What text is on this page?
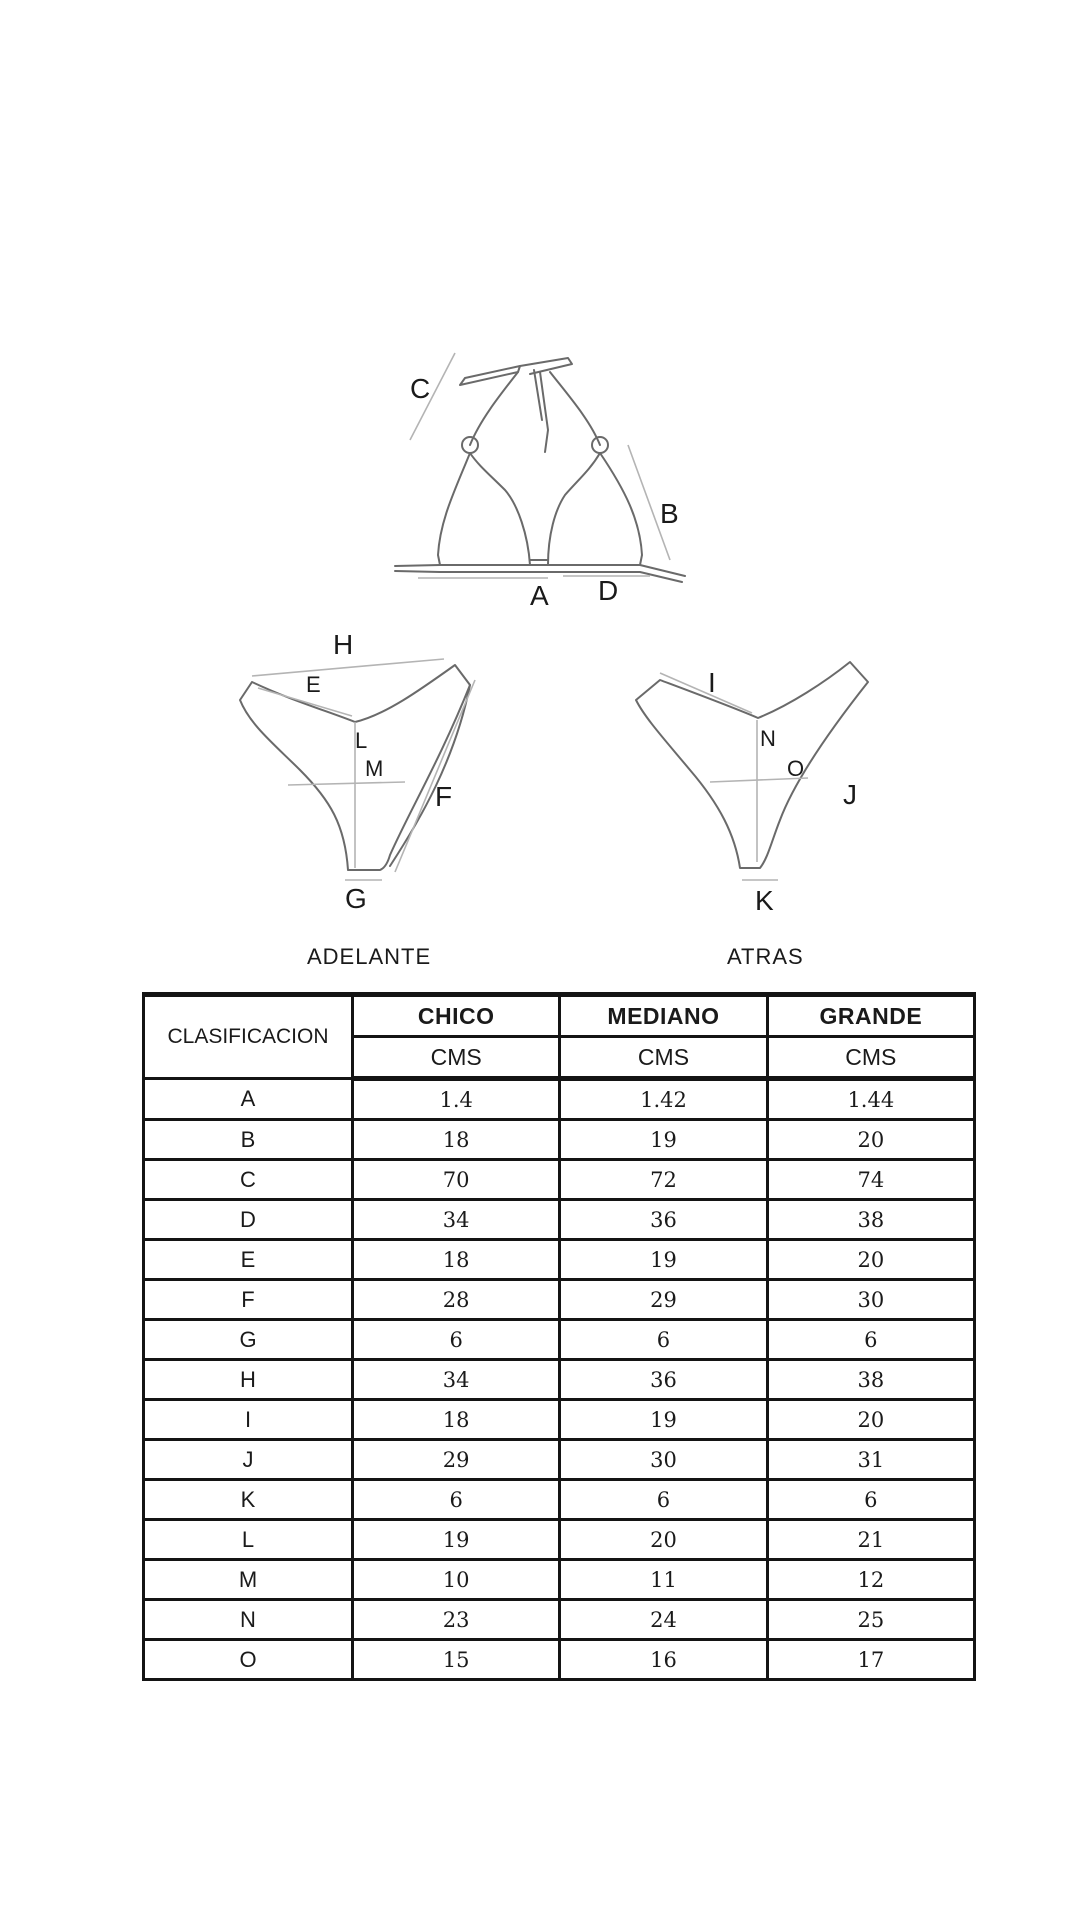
C
B
A D
H
E
L
M
F
G
ADELANTE
I
N
O
J
K
ATRAS
CLASIFICACION	CHICO	MEDIANO	GRANDE
	CMS	CMS	CMS
A	1.4	1.42	1.44
B	18	19	20
C	70	72	74
D	34	36	38
E	18	19	20
F	28	29	30
G	6	6	6
H	34	36	38
I	18	19	20
J	29	30	31
K	6	6	6
L	19	20	21
M	10	11	12
N	23	24	25
O	15	16	17
